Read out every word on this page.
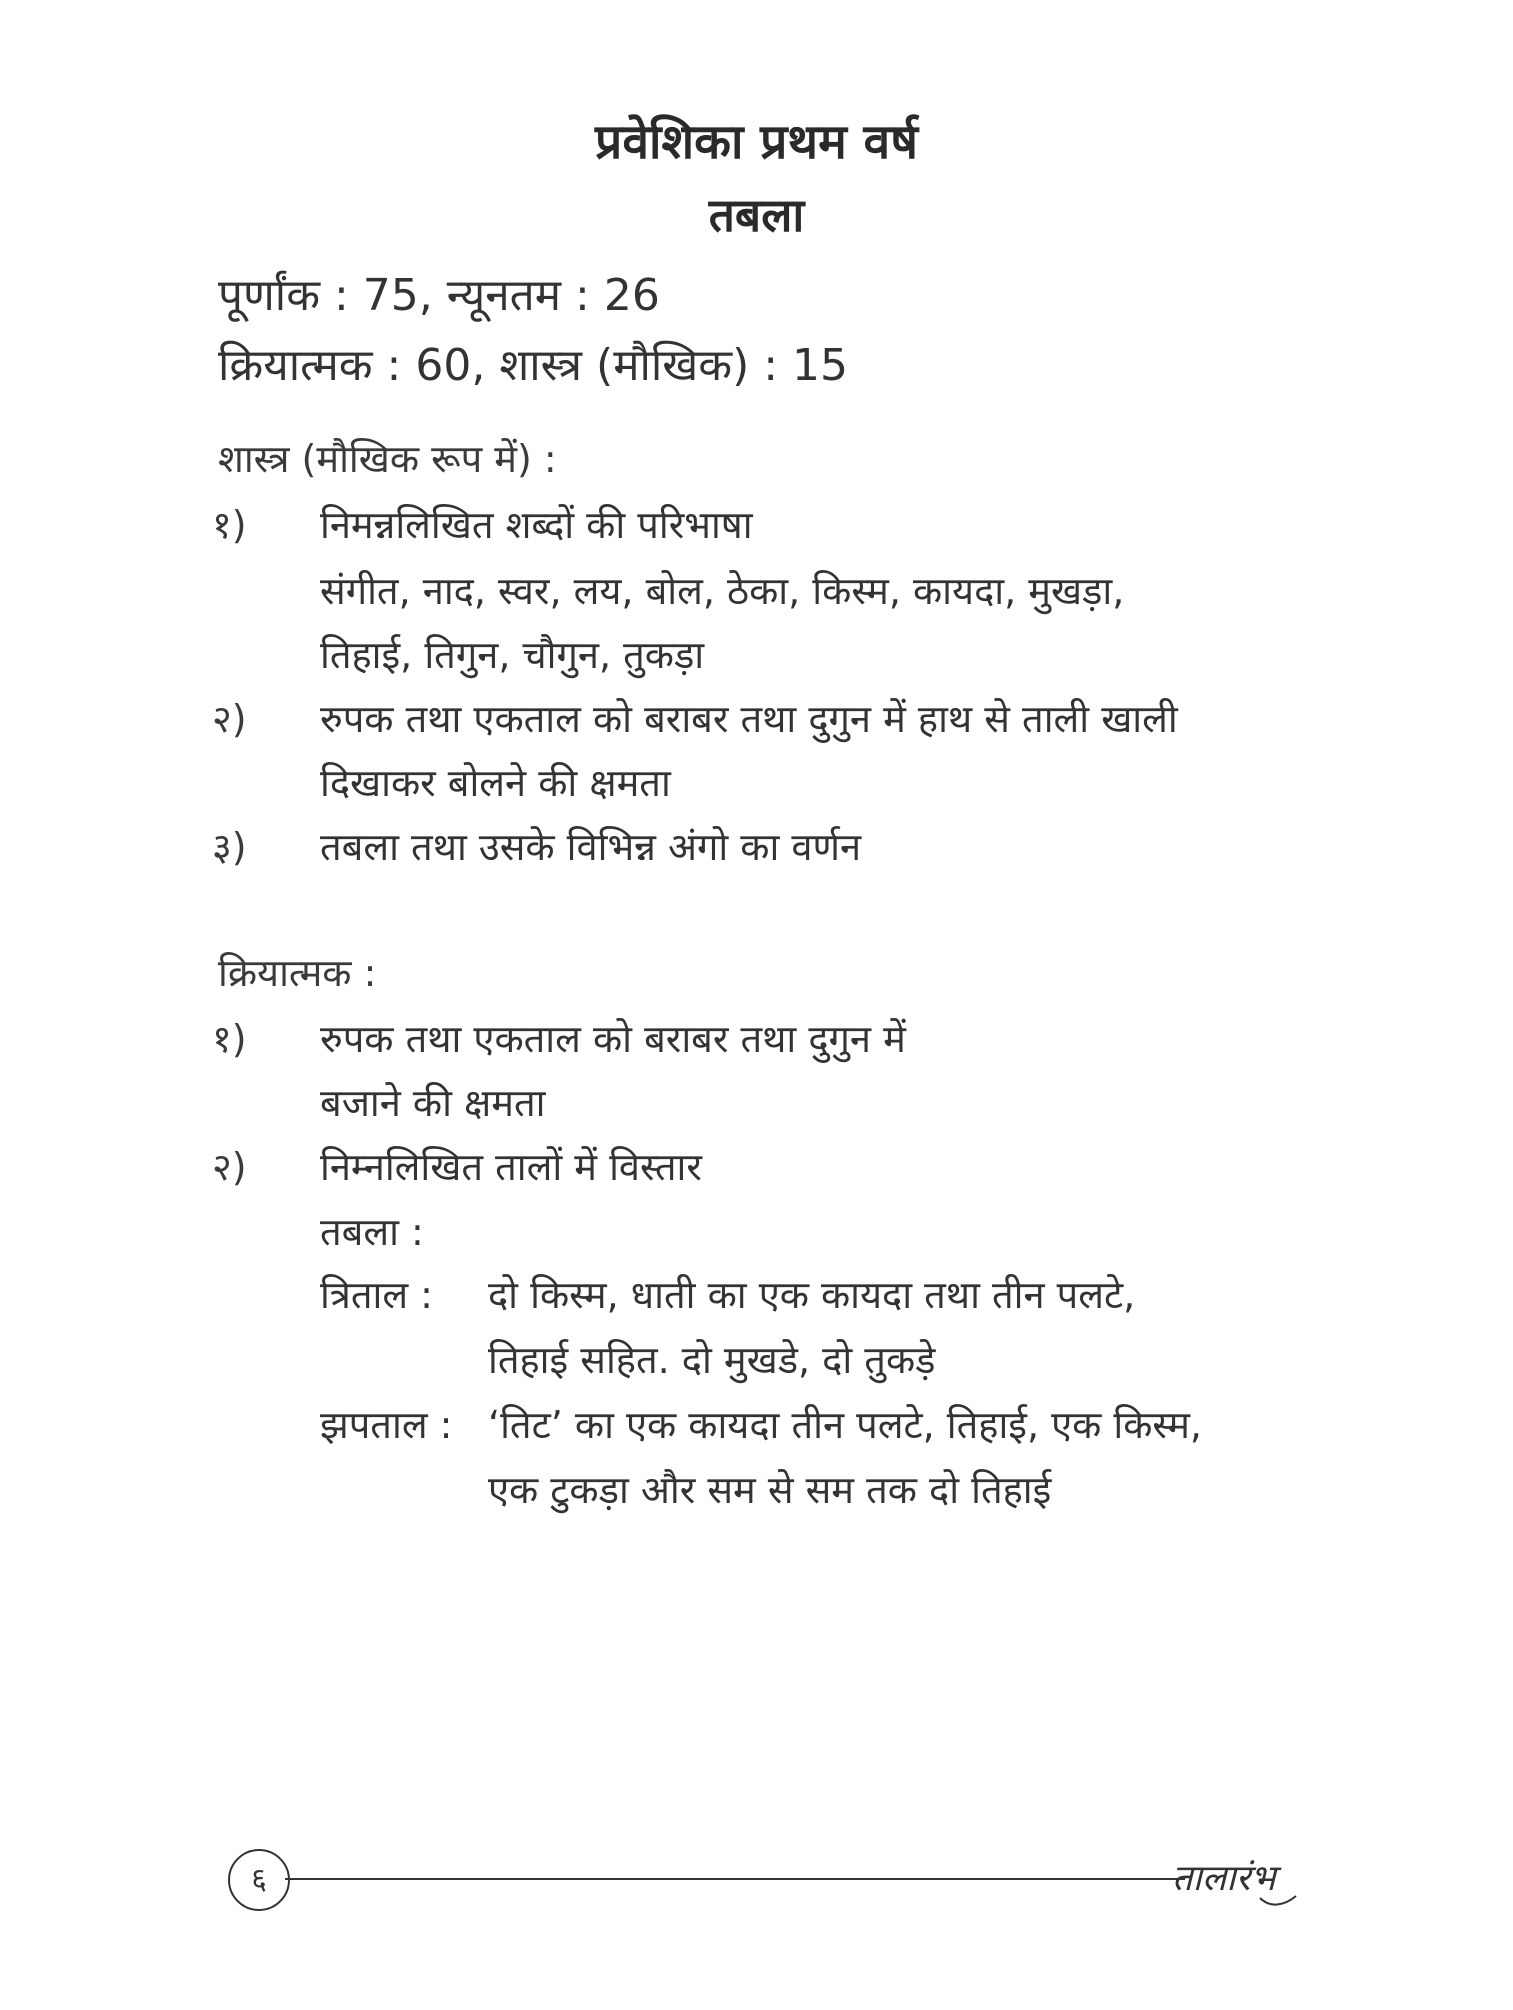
प्रवेशिका प्रथम वर्ष
तबला
पूर्णांक : 75, न्यूनतम : 26
क्रियात्मक : 60, शास्त्र (मौखिक) : 15
शास्त्र (मौखिक रूप में) :
१) निमन्नलिखित शब्दों की परिभाषा
संगीत, नाद, स्वर, लय, बोल, ठेका, किस्म, कायदा, मुखड़ा,
तिहाई, तिगुन, चौगुन, तुकड़ा
२) रुपक तथा एकताल को बराबर तथा दुगुन में हाथ से ताली खाली
दिखाकर बोलने की क्षमता
३) तबला तथा उसके विभिन्न अंगो का वर्णन
क्रियात्मक :
१) रुपक तथा एकताल को बराबर तथा दुगुन में
बजाने की क्षमता
२) निम्नलिखित तालों में विस्तार
तबला :
त्रिताल : दो किस्म, धाती का एक कायदा तथा तीन पलटे,
तिहाई सहित. दो मुखडे, दो तुकड़े
झपताल : ‘तिट’ का एक कायदा तीन पलटे, तिहाई, एक किस्म,
एक टुकड़ा और सम से सम तक दो तिहाई
६	तालारंभ
